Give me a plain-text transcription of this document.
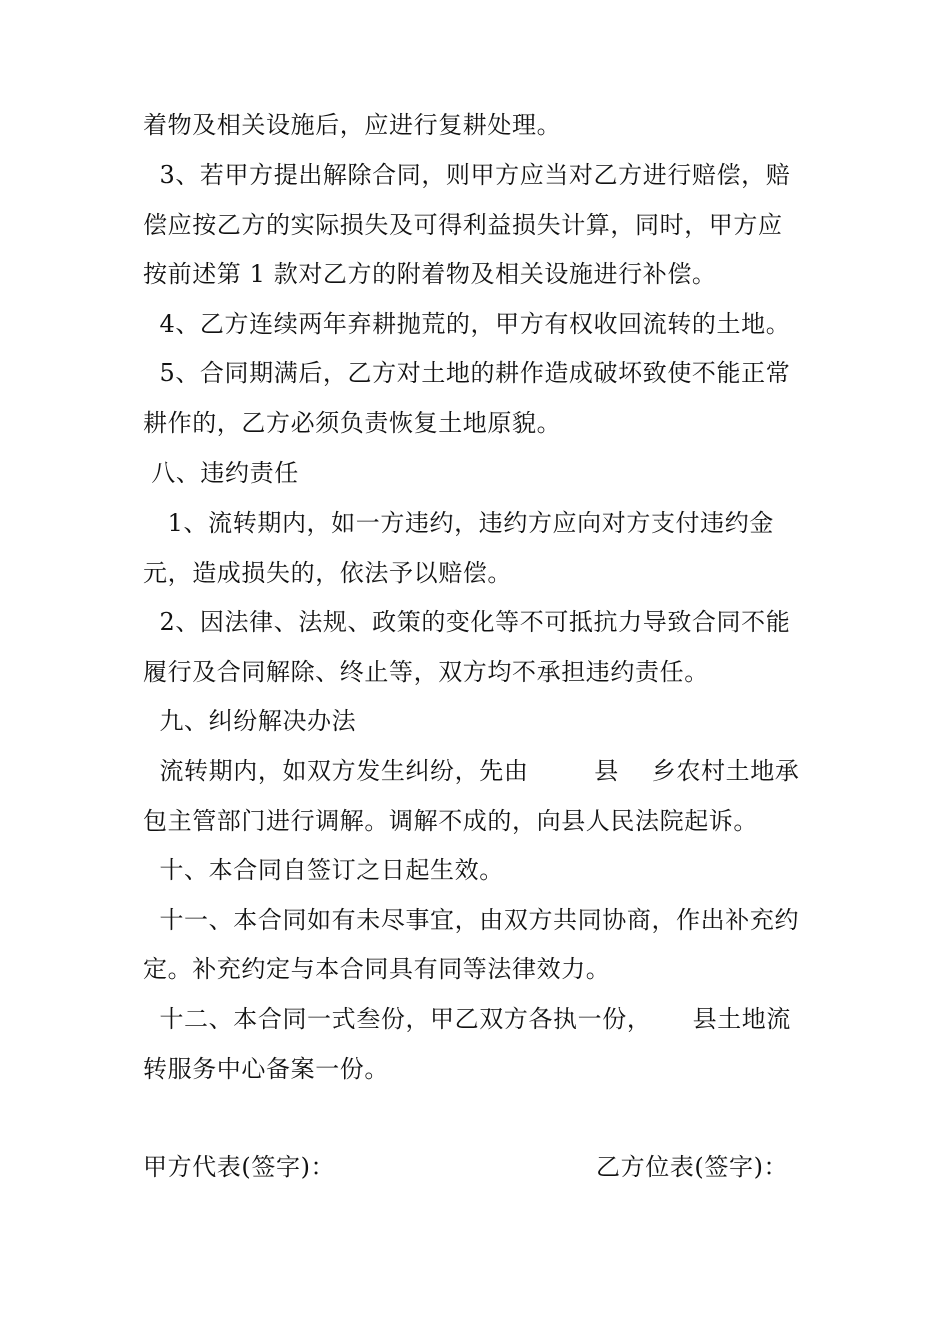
着物及相关设施后，应进行复耕处理。
3、若甲方提出解除合同，则甲方应当对乙方进行赔偿，赔
偿应按乙方的实际损失及可得利益损失计算，同时，甲方应
按前述第 1 款对乙方的附着物及相关设施进行补偿。
4、乙方连续两年弃耕抛荒的，甲方有权收回流转的土地。
5、合同期满后，乙方对土地的耕作造成破坏致使不能正常
耕作的，乙方必须负责恢复土地原貌。
八、违约责任
1、流转期内，如一方违约，违约方应向对方支付违约金
元，造成损失的，依法予以赔偿。
2、因法律、法规、政策的变化等不可抵抗力导致合同不能
履行及合同解除、终止等，双方均不承担违约责任。
九、纠纷解决办法
流转期内，如双方发生纠纷，先由        县    乡农村土地承
包主管部门进行调解。调解不成的，向县人民法院起诉。
十、本合同自签订之日起生效。
十一、本合同如有未尽事宜，由双方共同协商，作出补充约
定。补充约定与本合同具有同等法律效力。
十二、本合同一式叁份，甲乙双方各执一份，     县土地流
转服务中心备案一份。
甲方代表(签字)：	乙方位表(签字)：
